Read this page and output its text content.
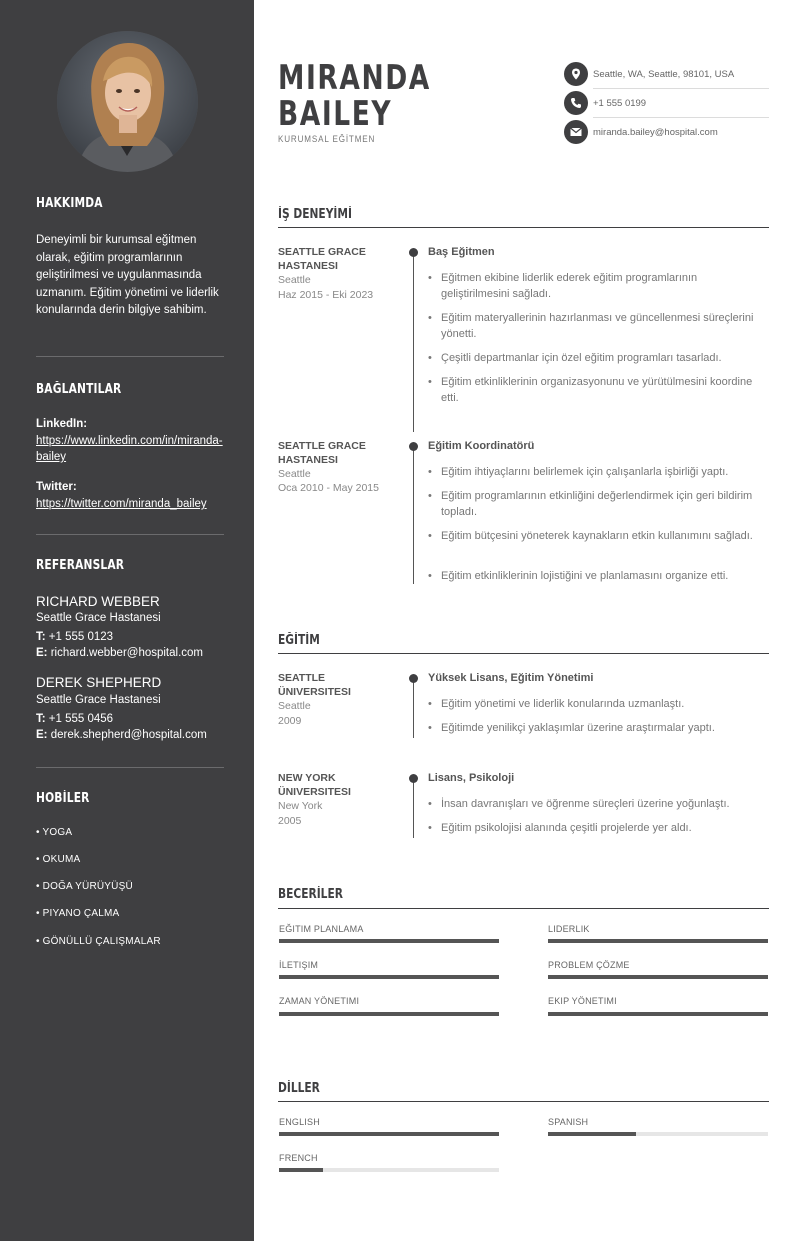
HAKKIMDA
Deneyimli bir kurumsal eğitmen olarak, eğitim programlarının geliştirilmesi ve uygulanmasında uzmanım. Eğitim yönetimi ve liderlik konularında derin bilgiye sahibim.
BAĞLANTILAR
LinkedIn:
https://www.linkedin.com/in/miranda-bailey
Twitter:
https://twitter.com/miranda_bailey
REFERANSLAR
RICHARD WEBBER
Seattle Grace Hastanesi
T: +1 555 0123
E: richard.webber@hospital.com
DEREK SHEPHERD
Seattle Grace Hastanesi
T: +1 555 0456
E: derek.shepherd@hospital.com
HOBİLER
• YOGA
• OKUMA
• DOĞA YÜRÜYÜŞÜ
• PIYANO ÇALMA
• GÖNÜLLÜ ÇALIŞMALAR
MIRANDA
BAILEY
KURUMSAL EĞİTMEN
Seattle, WA, Seattle, 98101, USA
+1 555 0199
miranda.bailey@hospital.com
İŞ DENEYİMİ
SEATTLE GRACE HASTANESI
Seattle
Haz 2015 - Eki 2023
Baş Eğitmen
• Eğitmen ekibine liderlik ederek eğitim programlarının geliştirilmesini sağladı.
• Eğitim materyallerinin hazırlanması ve güncellenmesi süreçlerini yönetti.
• Çeşitli departmanlar için özel eğitim programları tasarladı.
• Eğitim etkinliklerinin organizasyonunu ve yürütülmesini koordine etti.
SEATTLE GRACE HASTANESI
Seattle
Oca 2010 - May 2015
Eğitim Koordinatörü
• Eğitim ihtiyaçlarını belirlemek için çalışanlarla işbirliği yaptı.
• Eğitim programlarının etkinliğini değerlendirmek için geri bildirim topladı.
• Eğitim bütçesini yöneterek kaynakların etkin kullanımını sağladı.
• Eğitim etkinliklerinin lojistiğini ve planlamasını organize etti.
EĞİTİM
SEATTLE ÜNIVERSITESI
Seattle
2009
Yüksek Lisans, Eğitim Yönetimi
• Eğitim yönetimi ve liderlik konularında uzmanlaştı.
• Eğitimde yenilikçi yaklaşımlar üzerine araştırmalar yaptı.
NEW YORK ÜNIVERSITESI
New York
2005
Lisans, Psikoloji
• İnsan davranışları ve öğrenme süreçleri üzerine yoğunlaştı.
• Eğitim psikolojisi alanında çeşitli projelerde yer aldı.
BECERİLER
EĞITIM PLANLAMA	LIDERLIK
İLETIŞIM	PROBLEM ÇÖZME
ZAMAN YÖNETIMI	EKIP YÖNETIMI
DİLLER
ENGLISH	SPANISH
FRENCH
